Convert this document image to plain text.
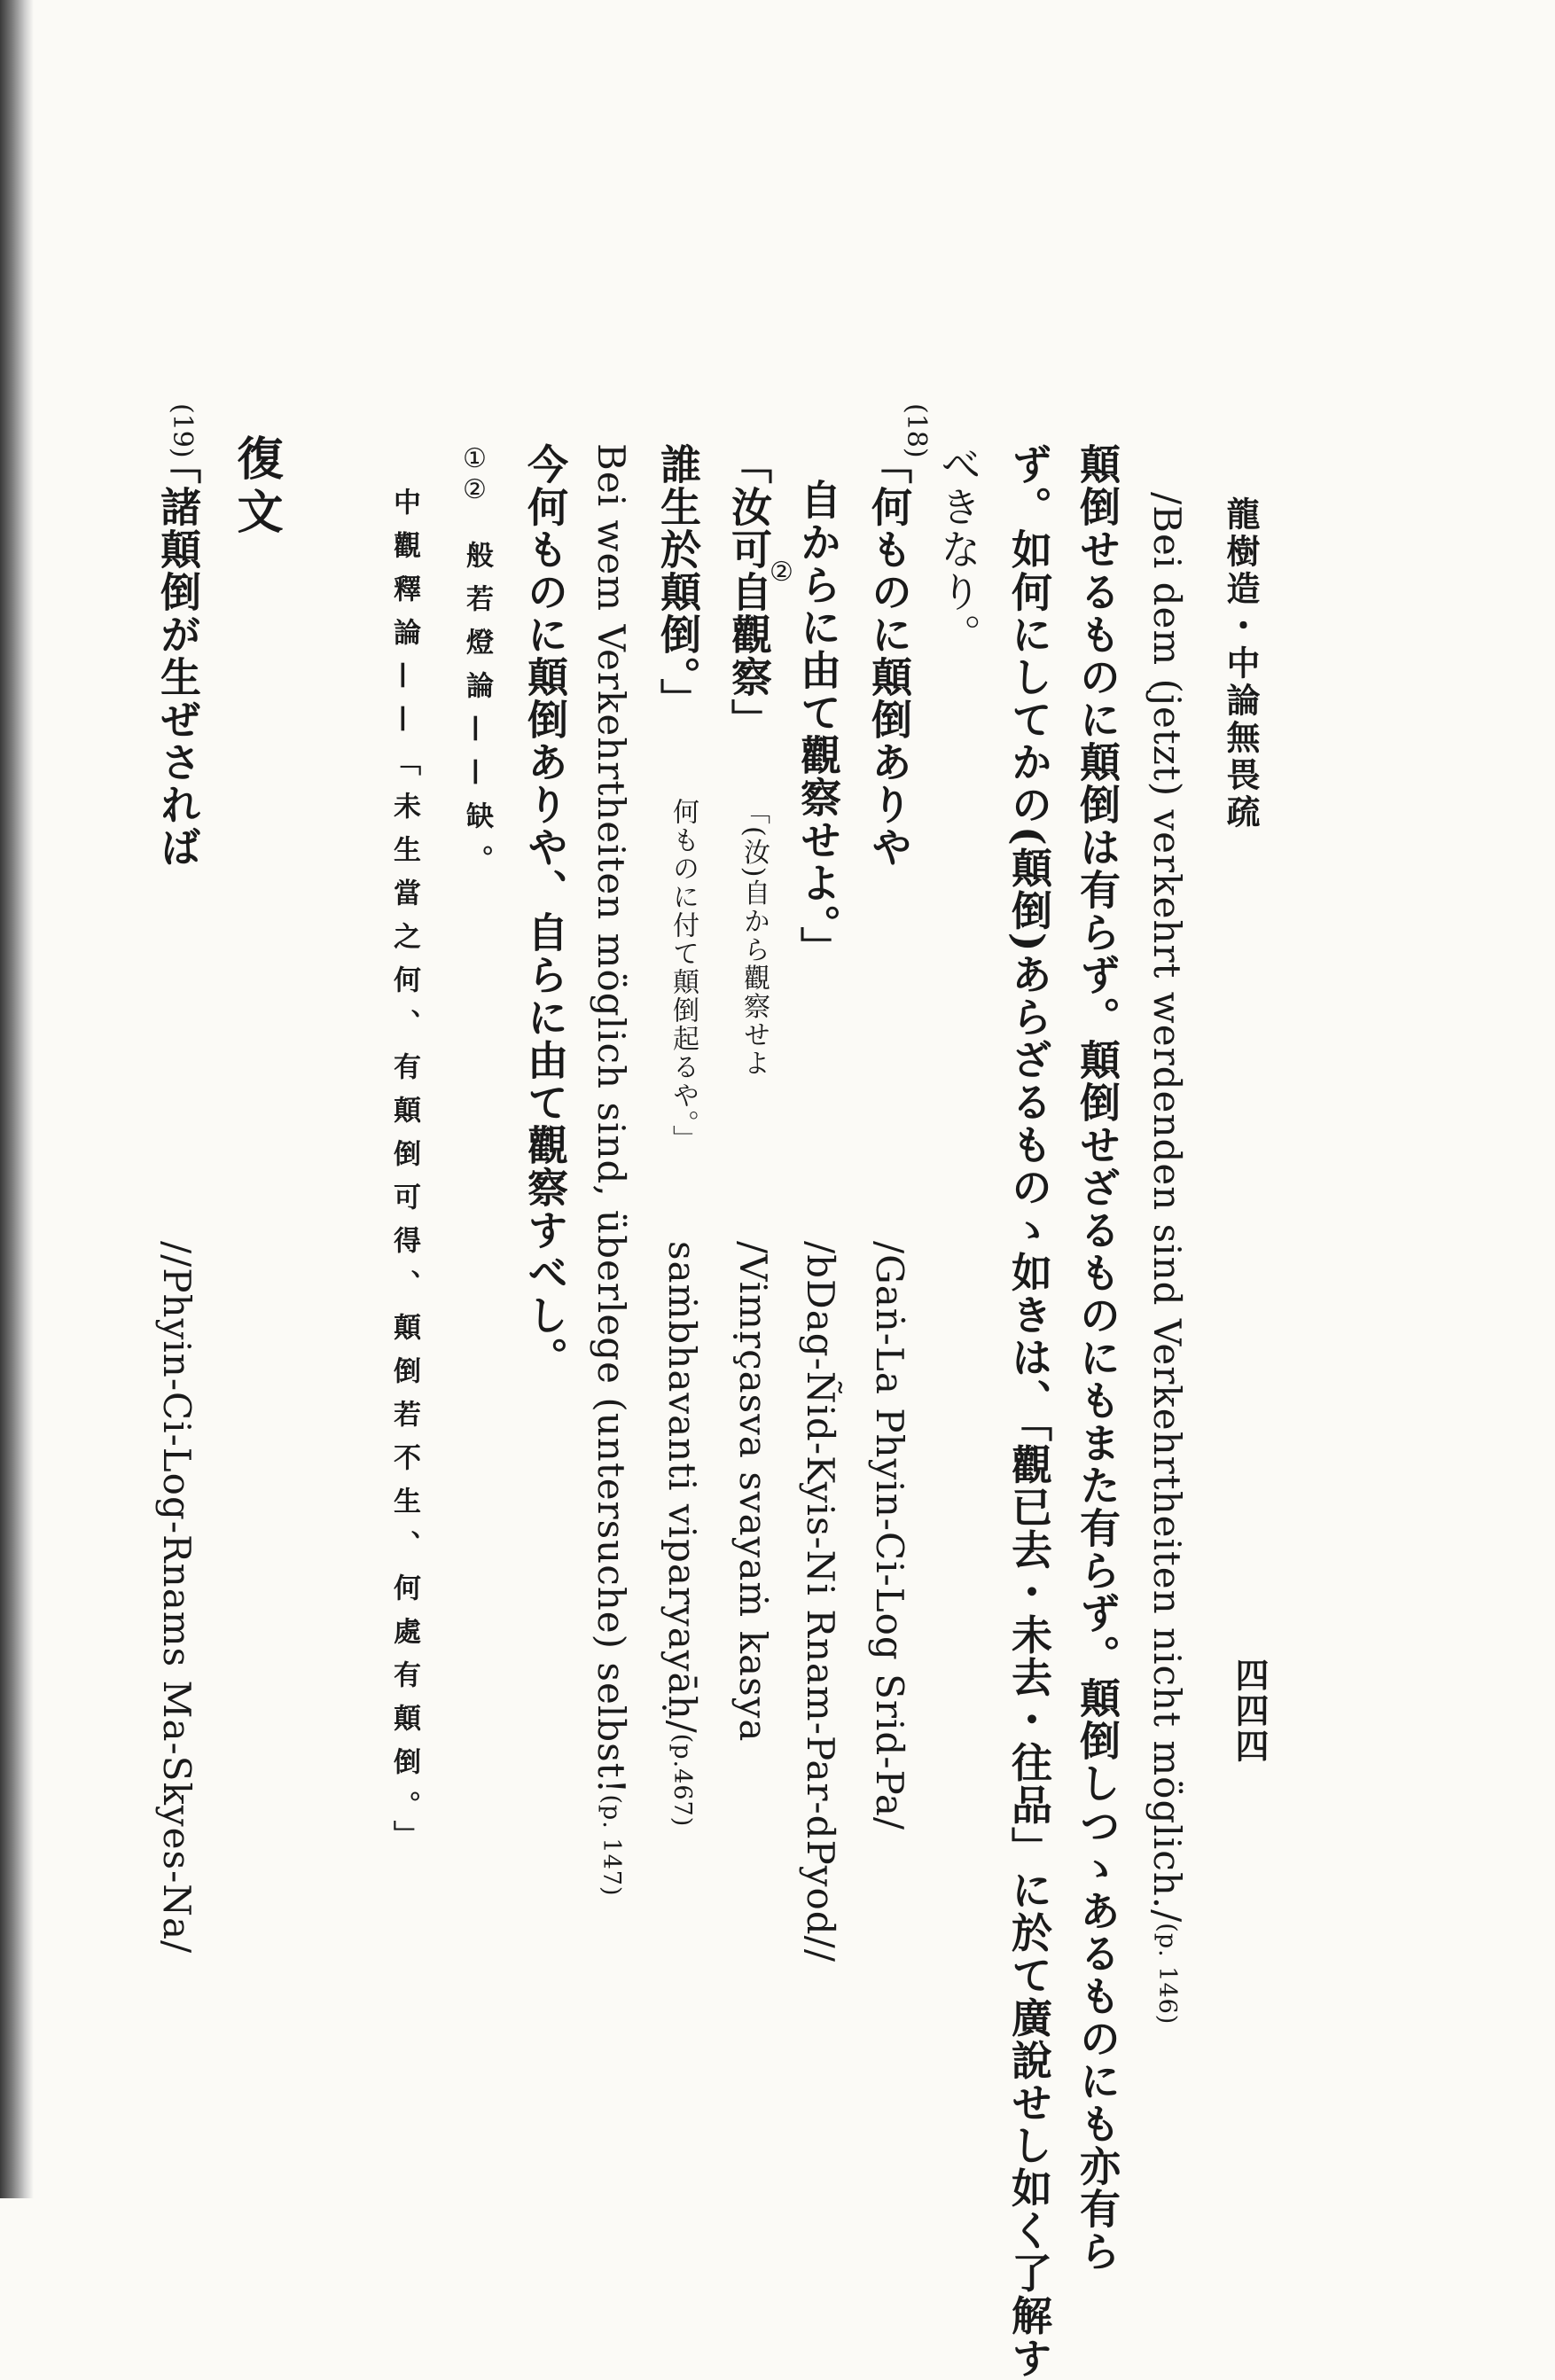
龍樹造・中論無畏疏
四四四
/Bei dem (jetzt) verkehrt werdenden sind Verkehrtheiten nicht möglich./(p. 146)
顛倒せるものに顛倒は有らず。顛倒せざるものにもまた有らず。顛倒しつゝあるものにも亦有ら
ず。如何にしてかの(顛倒)あらざるものゝ如きは、「觀已去・未去・往品」に於て廣說せし如く了解す
べきなり。
(18)
「何ものに顛倒ありや
/Gaṅ-La Phyin-Ci-Log Srid-Pa/
自からに由て觀察せよ。」
/bDag-Ñid-Kyis-Ni Rnam-Par-dPyod//
②
「汝可自觀察」
「(汝)自から觀察せよ
/Vimṛçasva svayaṁ kasya
誰生於顛倒。」
何ものに付て顛倒起るや。」
saṁbhavanti viparyayāḥ/(p.467)
Bei wem Verkehrtheiten möglich sind, überlege (untersuche) selbst!(p. 147)
今何ものに顛倒ありや、自らに由て觀察すべし。
①②
般若燈論——缺。
中觀釋論——「未生當之何、有顛倒可得、顛倒若不生、何處有顛倒。」
復文
(19)
「諸顛倒が生ぜされば
//Phyin-Ci-Log-Rnams Ma-Skyes-Na/
